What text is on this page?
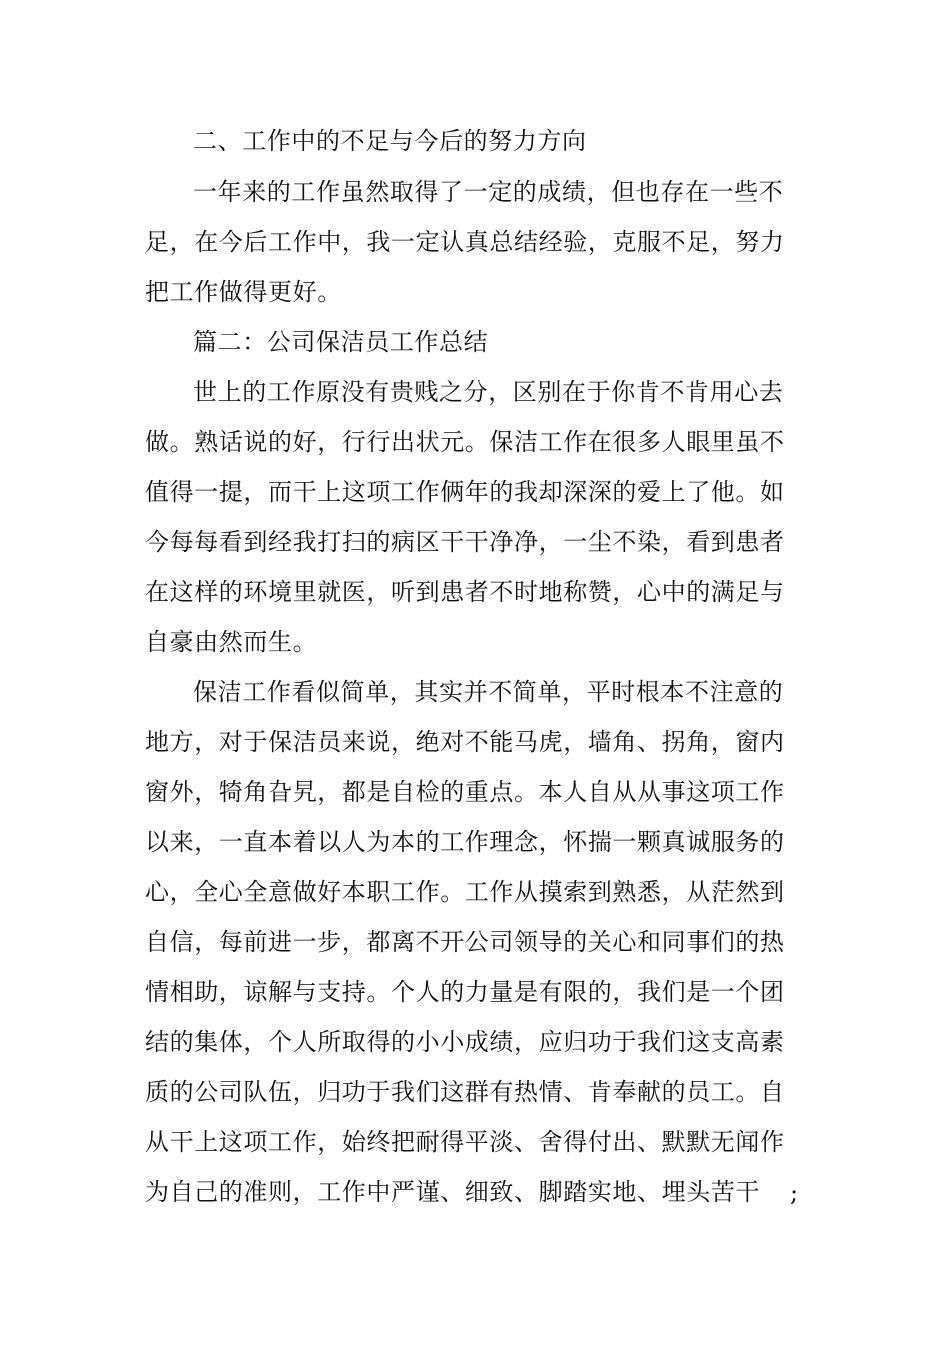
二、工作中的不足与今后的努力方向
一年来的工作虽然取得了一定的成绩，但也存在一些不
足，在今后工作中，我一定认真总结经验，克服不足，努力
把工作做得更好。
篇二：公司保洁员工作总结
世上的工作原没有贵贱之分，区别在于你肯不肯用心去
做。熟话说的好，行行出状元。保洁工作在很多人眼里虽不
值得一提，而干上这项工作俩年的我却深深的爱上了他。如
今每每看到经我打扫的病区干干净净，一尘不染，看到患者
在这样的环境里就医，听到患者不时地称赞，心中的满足与
自豪由然而生。
保洁工作看似简单，其实并不简单，平时根本不注意的
地方，对于保洁员来说，绝对不能马虎，墙角、拐角，窗内
窗外，犄角旮旯，都是自检的重点。本人自从从事这项工作
以来，一直本着以人为本的工作理念，怀揣一颗真诚服务的
心，全心全意做好本职工作。工作从摸索到熟悉，从茫然到
自信，每前进一步，都离不开公司领导的关心和同事们的热
情相助，谅解与支持。个人的力量是有限的，我们是一个团
结的集体，个人所取得的小小成绩，应归功于我们这支高素
质的公司队伍，归功于我们这群有热情、肯奉献的员工。自
从干上这项工作，始终把耐得平淡、舍得付出、默默无闻作
为自己的准则，工作中严谨、细致、脚踏实地、埋头苦干 ;
